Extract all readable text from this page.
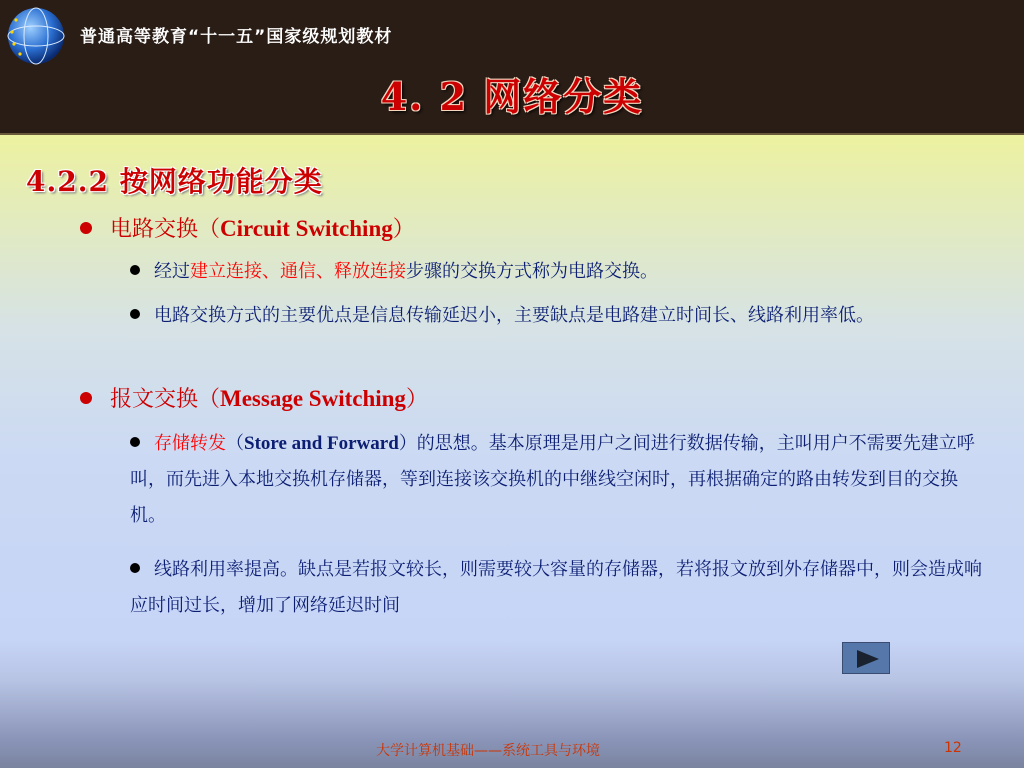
普通高等教育“十一五”国家级规划教材
4. 2 网络分类
4.2.2 按网络功能分类
电路交换（Circuit Switching）
经过建立连接、通信、释放连接步骤的交换方式称为电路交换。
电路交换方式的主要优点是信息传输延迟小，主要缺点是电路建立时间长、线路利用率低。
报文交换（Message Switching）
存储转发（Store and Forward）的思想。基本原理是用户之间进行数据传输，主叫用户不需要先建立呼叫，而先进入本地交换机存储器，等到连接该交换机的中继线空闲时，再根据确定的路由转发到目的交换机。
线路利用率提高。缺点是若报文较长，则需要较大容量的存储器，若将报文放到外存储器中，则会造成响应时间过长，增加了网络延迟时间
大学计算机基础——系统工具与环境	12
